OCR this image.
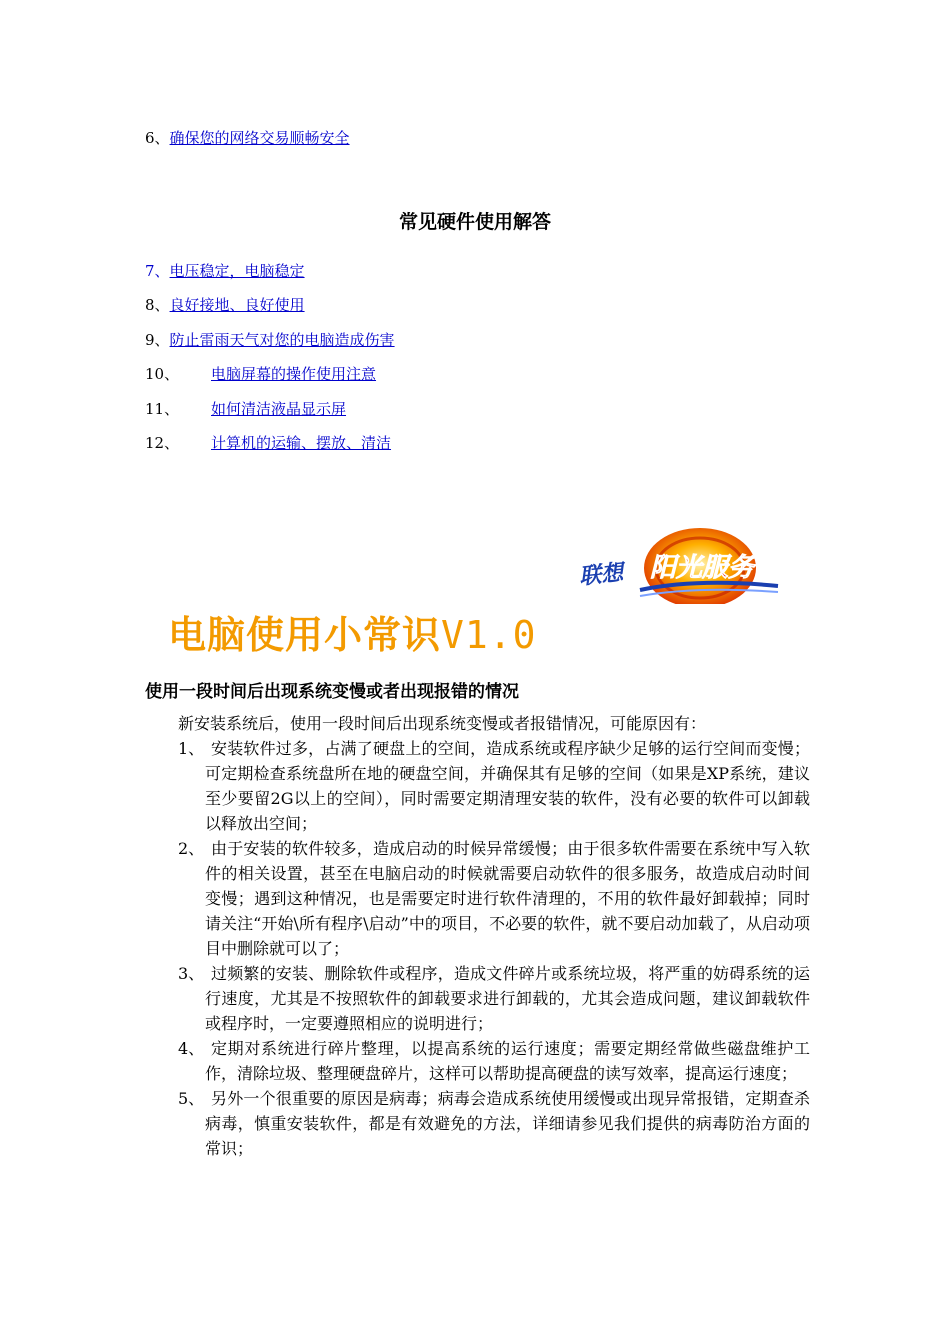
6、确保您的网络交易顺畅安全
常见硬件使用解答
7、电压稳定，电脑稳定
8、良好接地、良好使用
9、防止雷雨天气对您的电脑造成伤害
10、 电脑屏幕的操作使用注意
11、 如何清洁液晶显示屏
12、 计算机的运输、摆放、清洁
联想 阳光服务
电脑使用小常识V1.0
使用一段时间后出现系统变慢或者出现报错的情况
新安装系统后，使用一段时间后出现系统变慢或者报错情况，可能原因有：

1、 安装软件过多，占满了硬盘上的空间，造成系统或程序缺少足够的运行空间而变慢；可定期检查系统盘所在地的硬盘空间，并确保其有足够的空间（如果是XP系统，建议至少要留2G以上的空间），同时需要定期清理安装的软件，没有必要的软件可以卸载以释放出空间；

2、 由于安装的软件较多，造成启动的时候异常缓慢；由于很多软件需要在系统中写入软件的相关设置，甚至在电脑启动的时候就需要启动软件的很多服务，故造成启动时间变慢；遇到这种情况，也是需要定时进行软件清理的，不用的软件最好卸载掉；同时请关注“开始\所有程序\启动”中的项目，不必要的软件，就不要启动加载了，从启动项目中删除就可以了；

3、 过频繁的安装、删除软件或程序，造成文件碎片或系统垃圾，将严重的妨碍系统的运行速度，尤其是不按照软件的卸载要求进行卸载的，尤其会造成问题，建议卸载软件或程序时，一定要遵照相应的说明进行；

4、 定期对系统进行碎片整理，以提高系统的运行速度；需要定期经常做些磁盘维护工作，清除垃圾、整理硬盘碎片，这样可以帮助提高硬盘的读写效率，提高运行速度；

5、 另外一个很重要的原因是病毒；病毒会造成系统使用缓慢或出现异常报错，定期查杀病毒，慎重安装软件，都是有效避免的方法，详细请参见我们提供的病毒防治方面的常识；
